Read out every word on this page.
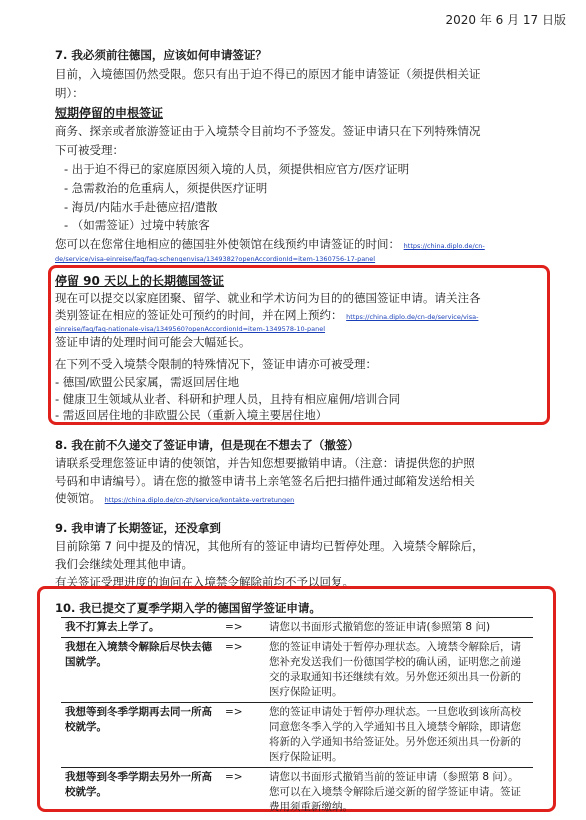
2020 年 6 月 17 日版
7. 我必须前往德国，应该如何申请签证？
目前，入境德国仍然受限。您只有出于迫不得已的原因才能申请签证（须提供相关证
明）：
短期停留的申根签证
商务、探亲或者旅游签证由于入境禁令目前均不予签发。签证申请只在下列特殊情况
下可被受理：
- 出于迫不得已的家庭原因须入境的人员，须提供相应官方/医疗证明
- 急需救治的危重病人，须提供医疗证明
- 海员/内陆水手赴德应招/遣散
- （如需签证）过境中转旅客
您可以在您常住地相应的德国驻外使领馆在线预约申请签证的时间： https://china.diplo.de/cn-
de/service/visa-einreise/faq/faq-schengenvisa/1349382?openAccordionId=item-1360756-17-panel
停留 90 天以上的长期德国签证
现在可以提交以家庭团聚、留学、就业和学术访问为目的的德国签证申请。请关注各
类别签证在相应的签证处可预约的时间，并在网上预约： https://china.diplo.de/cn-de/service/visa-
einreise/faq/faq-nationale-visa/1349560?openAccordionId=item-1349578-10-panel
签证申请的处理时间可能会大幅延长。
在下列不受入境禁令限制的特殊情况下，签证申请亦可被受理：
- 德国/欧盟公民家属，需返回居住地
- 健康卫生领域从业者、科研和护理人员，且持有相应雇佣/培训合同
- 需返回居住地的非欧盟公民（重新入境主要居住地）
8. 我在前不久递交了签证申请，但是现在不想去了（撤签）
请联系受理您签证申请的使领馆，并告知您想要撤销申请。（注意：请提供您的护照
号码和申请编号）。请在您的撤签申请书上亲笔签名后把扫描件通过邮箱发送给相关
使领馆。 https://china.diplo.de/cn-zh/service/kontakte-vertretungen
9. 我申请了长期签证，还没拿到
目前除第 7 问中提及的情况，其他所有的签证申请均已暂停处理。入境禁令解除后，
我们会继续处理其他申请。
有关签证受理进度的询问在入境禁令解除前均不予以回复。
10. 我已提交了夏季学期入学的德国留学签证申请。
我不打算去上学了。	=>	请您以书面形式撤销您的签证申请(参照第 8 问)
我想在入境禁令解除后尽快去德国就学。	=>	您的签证申请处于暂停办理状态。入境禁令解除后，请您补充发送我们一份德国学校的确认函，证明您之前递交的录取通知书还继续有效。另外您还须出具一份新的医疗保险证明。
我想等到冬季学期再去同一所高校就学。	=>	您的签证申请处于暂停办理状态。一旦您收到该所高校同意您冬季入学的入学通知书且入境禁令解除，即请您将新的入学通知书给签证处。另外您还须出具一份新的医疗保险证明。
我想等到冬季学期去另外一所高校就学。	=>	请您以书面形式撤销当前的签证申请（参照第 8 问）。您可以在入境禁令解除后递交新的留学签证申请。签证费用须重新缴纳。
